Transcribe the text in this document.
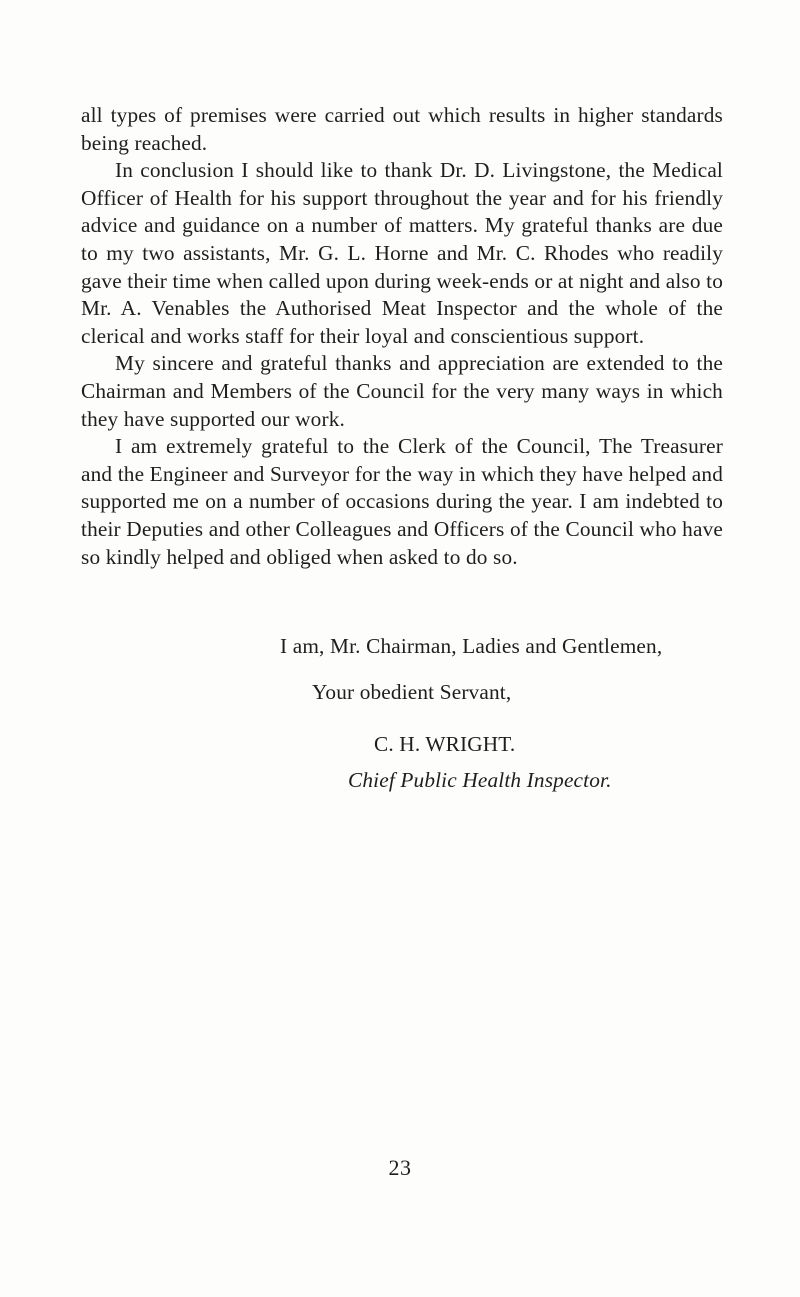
all types of premises were carried out which results in higher standards being reached.

In conclusion I should like to thank Dr. D. Livingstone, the Medical Officer of Health for his support throughout the year and for his friendly advice and guidance on a number of matters. My grateful thanks are due to my two assistants, Mr. G. L. Horne and Mr. C. Rhodes who readily gave their time when called upon during week-ends or at night and also to Mr. A. Venables the Authorised Meat Inspector and the whole of the clerical and works staff for their loyal and conscientious support.

My sincere and grateful thanks and appreciation are extended to the Chairman and Members of the Council for the very many ways in which they have supported our work.

I am extremely grateful to the Clerk of the Council, The Treasurer and the Engineer and Surveyor for the way in which they have helped and supported me on a number of occasions during the year. I am indebted to their Deputies and other Colleagues and Officers of the Council who have so kindly helped and obliged when asked to do so.

I am, Mr. Chairman, Ladies and Gentlemen,
Your obedient Servant,
C. H. WRIGHT.
Chief Public Health Inspector.
23
